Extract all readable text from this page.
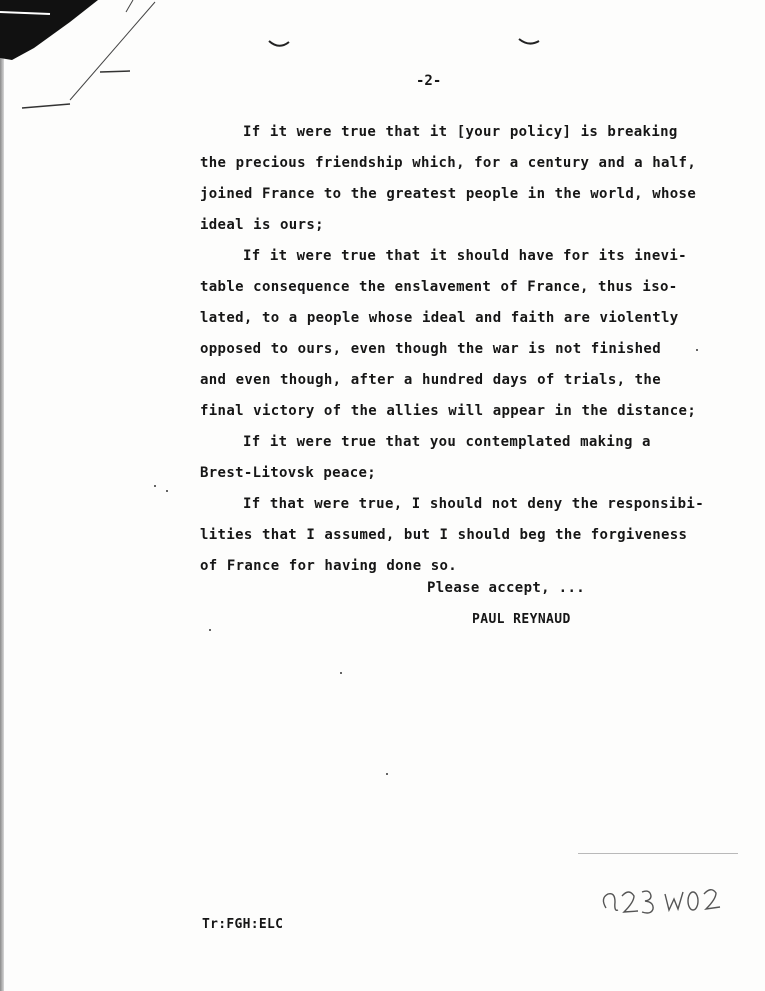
-2-

If it were true that it [your policy] is breaking
the precious friendship which, for a century and a half,
joined France to the greatest people in the world, whose
ideal is ours;

If it were true that it should have for its inevi-
table consequence the enslavement of France, thus isо-
lated, to a people whose ideal and faith are violently
opposed to ours, even though the war is not finished
and even though, after a hundred days of trials, the
final victory of the allies will appear in the distance;

If it were true that you contemplated making a
Brest-Litovsk peace;

If that were true, I should not deny the responsibi-
lities that I assumed, but I should beg the forgiveness
of France for having done so.

Please accept, ...
PAUL REYNAUD
Tr:FGH:ELC
